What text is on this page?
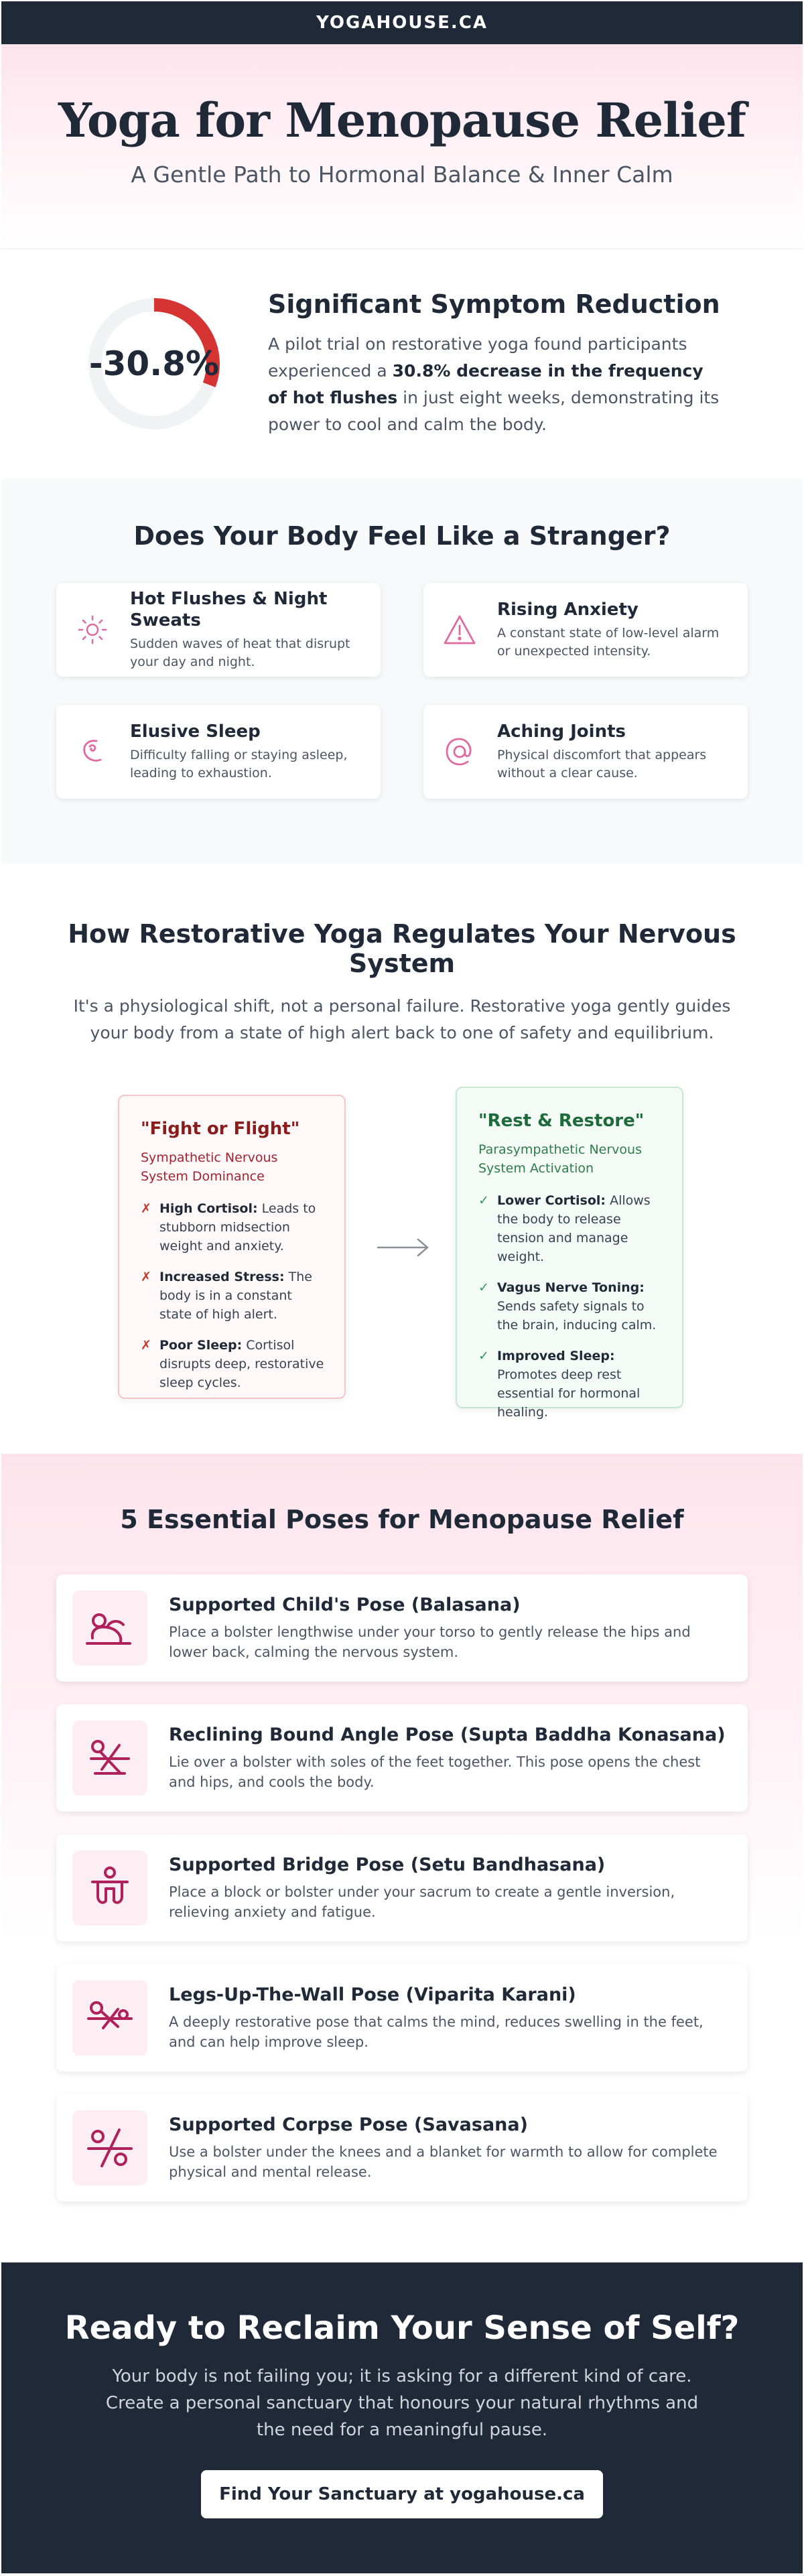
YOGAHOUSE.CA
Yoga for Menopause Relief
A Gentle Path to Hormonal Balance & Inner Calm
-30.8%
Significant Symptom Reduction

A pilot trial on restorative yoga found participants experienced a 30.8% decrease in the frequency of hot flushes in just eight weeks, demonstrating its power to cool and calm the body.

Does Your Body Feel Like a Stranger?
Hot Flushes & Night Sweats
Sudden waves of heat that disrupt your day and night.
Rising Anxiety
A constant state of low-level alarm or unexpected intensity.
Elusive Sleep
Difficulty falling or staying asleep, leading to exhaustion.
Aching Joints
Physical discomfort that appears without a clear cause.
How Restorative Yoga Regulates Your Nervous System
It's a physiological shift, not a personal failure. Restorative yoga gently guides your body from a state of high alert back to one of safety and equilibrium.
"Fight or Flight"
Sympathetic Nervous System Dominance
✗ High Cortisol: Leads to stubborn midsection weight and anxiety.
✗ Increased Stress: The body is in a constant state of high alert.
✗ Poor Sleep: Cortisol disrupts deep, restorative sleep cycles.
"Rest & Restore"
Parasympathetic Nervous System Activation
✓ Lower Cortisol: Allows the body to release tension and manage weight.
✓ Vagus Nerve Toning: Sends safety signals to the brain, inducing calm.
✓ Improved Sleep: Promotes deep rest essential for hormonal healing.
5 Essential Poses for Menopause Relief
Supported Child's Pose (Balasana)
Place a bolster lengthwise under your torso to gently release the hips and lower back, calming the nervous system.
Reclining Bound Angle Pose (Supta Baddha Konasana)
Lie over a bolster with soles of the feet together. This pose opens the chest and hips, and cools the body.
Supported Bridge Pose (Setu Bandhasana)
Place a block or bolster under your sacrum to create a gentle inversion, relieving anxiety and fatigue.
Legs-Up-The-Wall Pose (Viparita Karani)
A deeply restorative pose that calms the mind, reduces swelling in the feet, and can help improve sleep.
Supported Corpse Pose (Savasana)
Use a bolster under the knees and a blanket for warmth to allow for complete physical and mental release.
Ready to Reclaim Your Sense of Self?

Your body is not failing you; it is asking for a different kind of care. Create a personal sanctuary that honours your natural rhythms and the need for a meaningful pause.

Find Your Sanctuary at yogahouse.ca
